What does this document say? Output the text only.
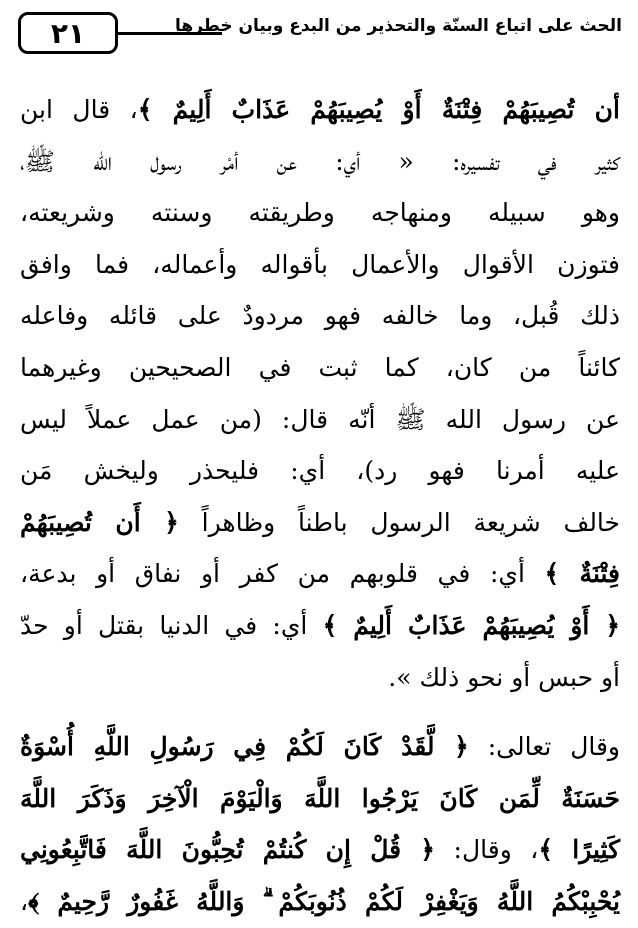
٢١	الحث على اتباع السنّة والتحذير من البدع وبيان خطرها
أن تُصِيبَهُمْ فِتْنَةٌ أَوْ يُصِيبَهُمْ عَذَابٌ أَلِيمٌ ﴾، قال ابن
كثير في تفسيره: « أي: عن أمْر رسول الله ﷺ،
وهو سبيله ومنهاجه وطريقته وسنته وشريعته،
فتوزن الأقوال والأعمال بأقواله وأعماله، فما وافق
ذلك قُبل، وما خالفه فهو مردودٌ على قائله وفاعله
كائناً من كان، كما ثبت في الصحيحين وغيرهما
عن رسول الله ﷺ أنّه قال: (من عمل عملاً ليس
عليه أمرنا فهو رد)، أي: فليحذر وليخش مَن
خالف شريعة الرسول باطناً وظاهراً ﴿ أَن تُصِيبَهُمْ
فِتْنَةٌ ﴾ أي: في قلوبهم من كفر أو نفاق أو بدعة،
﴿ أَوْ يُصِيبَهُمْ عَذَابٌ أَلِيمٌ ﴾ أي: في الدنيا بقتل أو حدّ
أو حبس أو نحو ذلك ».
وقال تعالى: ﴿ لَّقَدْ كَانَ لَكُمْ فِي رَسُولِ اللَّهِ أُسْوَةٌ
حَسَنَةٌ لِّمَن كَانَ يَرْجُوا اللَّهَ وَالْيَوْمَ الْآخِرَ وَذَكَرَ اللَّهَ
كَثِيرًا ﴾، وقال: ﴿ قُلْ إِن كُنتُمْ تُحِبُّونَ اللَّهَ فَاتَّبِعُونِي
يُحْبِبْكُمُ اللَّهُ وَيَغْفِرْ لَكُمْ ذُنُوبَكُمْ ۗ وَاللَّهُ غَفُورٌ رَّحِيمٌ ﴾،
